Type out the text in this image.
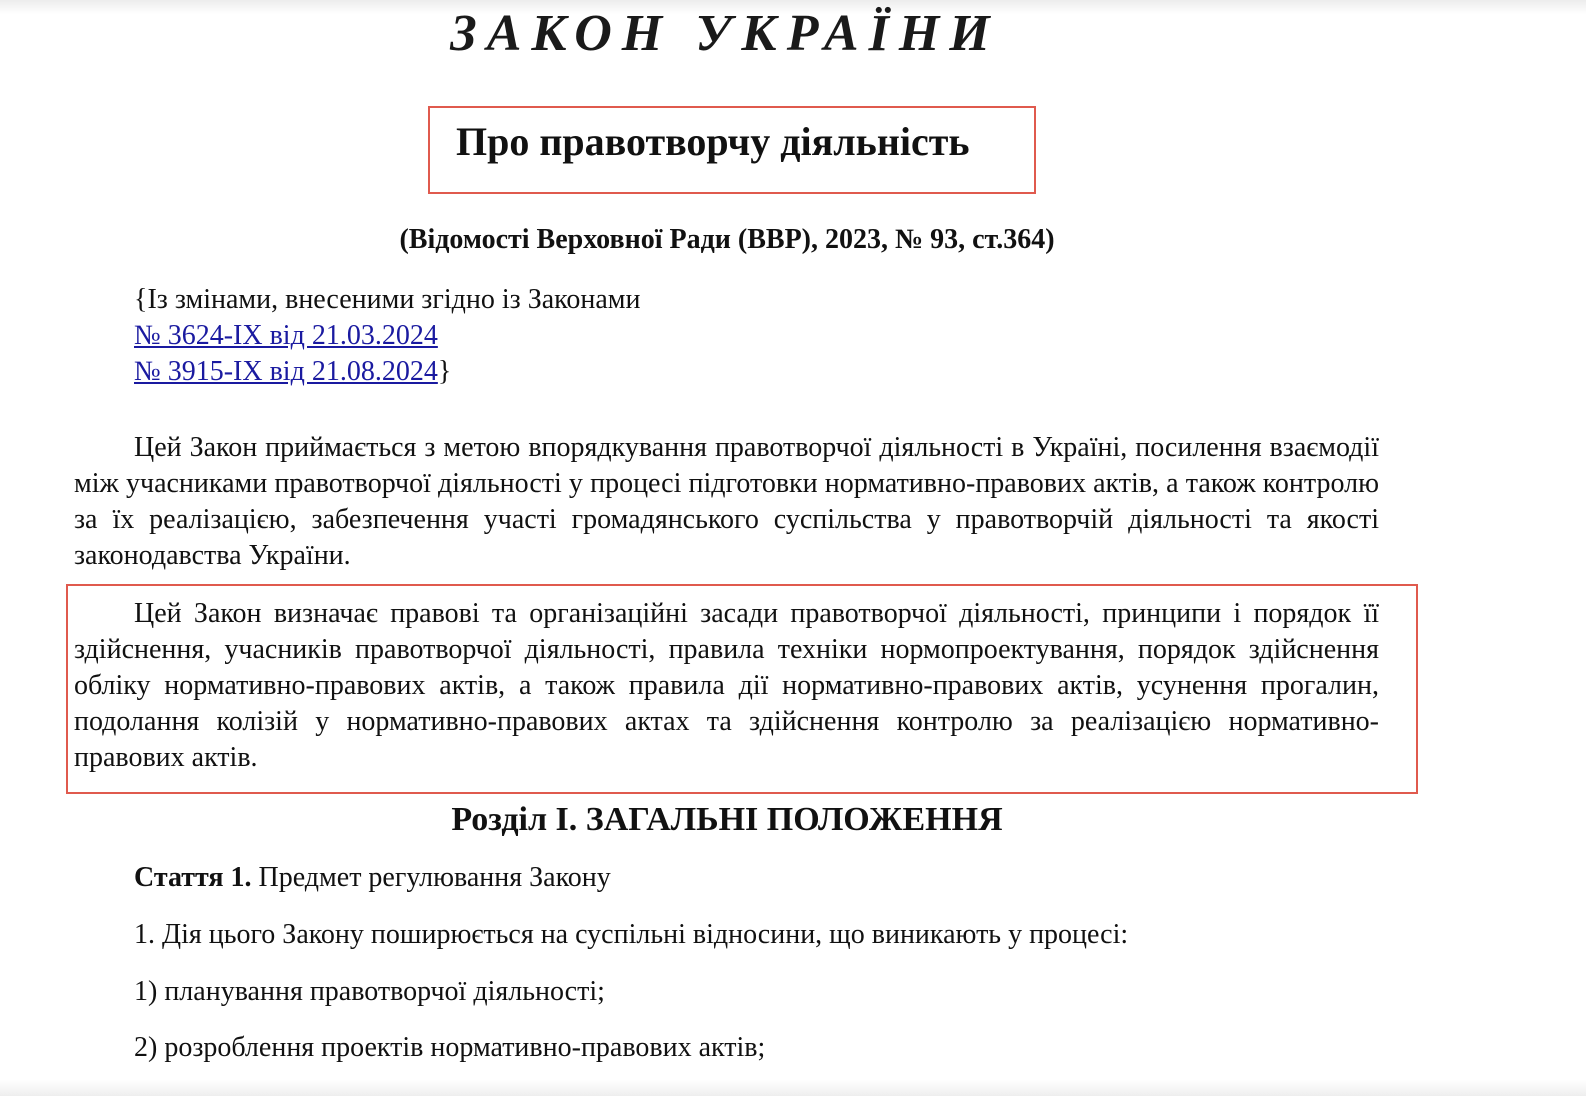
ЗАКОН УКРАЇНИ
Про правотворчу діяльність
(Відомості Верховної Ради (ВВР), 2023, № 93, ст.364)
{Із змінами, внесеними згідно із Законами
№ 3624-IX від 21.03.2024
№ 3915-IX від 21.08.2024}

Цей Закон приймається з метою впорядкування правотворчої діяльності в Україні, посилення взаємодії між учасниками правотворчої діяльності у процесі підготовки нормативно-правових актів, а також контролю за їх реалізацією, забезпечення участі громадянського суспільства у правотворчій діяльності та якості законодавства України.

Цей Закон визначає правові та організаційні засади правотворчої діяльності, принципи і порядок її здійснення, учасників правотворчої діяльності, правила техніки нормопроектування, порядок здійснення обліку нормативно-правових актів, а також правила дії нормативно-правових актів, усунення прогалин, подолання колізій у нормативно-правових актах та здійснення контролю за реалізацією нормативно-правових актів.

Розділ I. ЗАГАЛЬНІ ПОЛОЖЕННЯ
Стаття 1. Предмет регулювання Закону
1. Дія цього Закону поширюється на суспільні відносини, що виникають у процесі:
1) планування правотворчої діяльності;
2) розроблення проектів нормативно-правових актів;
